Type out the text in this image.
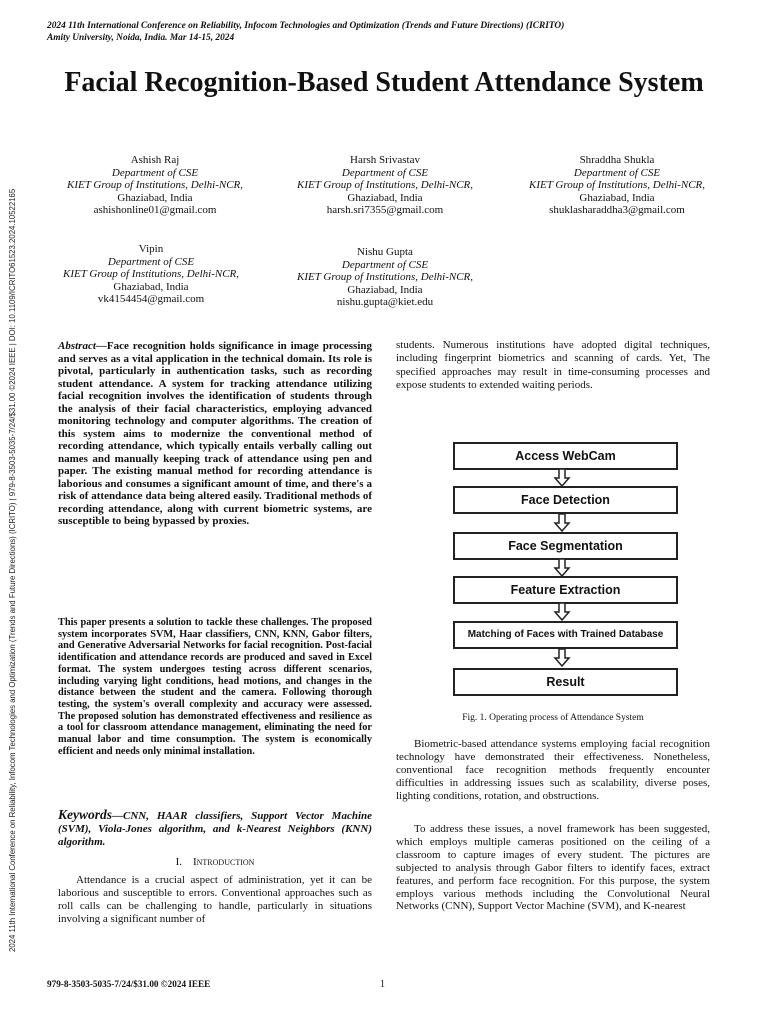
2024 11th International Conference on Reliability, Infocom Technologies and Optimization (Trends and Future Directions) (ICRITO)
Amity University, Noida, India. Mar 14-15, 2024
2024 11th International Conference on Reliability, Infocom Technologies and Optimization (Trends and Future Directions) (ICRITO) | 979-8-3503-5035-7/24/$31.00 ©2024 IEEE | DOI: 10.1109/ICRITO61523.2024.10522165
Facial Recognition-Based Student Attendance System
Ashish Raj
Department of CSE
KIET Group of Institutions, Delhi-NCR,
Ghaziabad, India
ashishonline01@gmail.com
Harsh Srivastav
Department of CSE
KIET Group of Institutions, Delhi-NCR,
Ghaziabad, India
harsh.sri7355@gmail.com
Shraddha Shukla
Department of CSE
KIET Group of Institutions, Delhi-NCR,
Ghaziabad, India
shuklasharaddha3@gmail.com
Vipin
Department of CSE
KIET Group of Institutions, Delhi-NCR,
Ghaziabad, India
vk4154454@gmail.com
Nishu Gupta
Department of CSE
KIET Group of Institutions, Delhi-NCR,
Ghaziabad, India
nishu.gupta@kiet.edu
Abstract—Face recognition holds significance in image processing and serves as a vital application in the technical domain. Its role is pivotal, particularly in authentication tasks, such as recording student attendance. A system for tracking attendance utilizing facial recognition involves the identification of students through the analysis of their facial characteristics, employing advanced monitoring technology and computer algorithms. The creation of this system aims to modernize the conventional method of recording attendance, which typically entails verbally calling out names and manually keeping track of attendance using pen and paper. The existing manual method for recording attendance is laborious and consumes a significant amount of time, and there's a risk of attendance data being altered easily. Traditional methods of recording attendance, along with current biometric systems, are susceptible to being bypassed by proxies.
This paper presents a solution to tackle these challenges. The proposed system incorporates SVM, Haar classifiers, CNN, KNN, Gabor filters, and Generative Adversarial Networks for facial recognition. Post-facial identification and attendance records are produced and saved in Excel format. The system undergoes testing across different scenarios, including varying light conditions, head motions, and changes in the distance between the student and the camera. Following thorough testing, the system's overall complexity and accuracy were assessed. The proposed solution has demonstrated effectiveness and resilience as a tool for classroom attendance management, eliminating the need for manual labor and time consumption. The system is economically efficient and needs only minimal installation.
Keywords—CNN, HAAR classifiers, Support Vector Machine (SVM), Viola-Jones algorithm, and k-Nearest Neighbors (KNN) algorithm.
I. Introduction
Attendance is a crucial aspect of administration, yet it can be laborious and susceptible to errors. Conventional approaches such as roll calls can be challenging to handle, particularly in situations involving a significant number of
students. Numerous institutions have adopted digital techniques, including fingerprint biometrics and scanning of cards. Yet, The specified approaches may result in time-consuming processes and expose students to extended waiting periods.
Access WebCam
Face Detection
Face Segmentation
Feature Extraction
Matching of Faces with Trained Database
Result
Fig. 1. Operating process of Attendance System
Biometric-based attendance systems employing facial recognition technology have demonstrated their effectiveness. Nonetheless, conventional face recognition methods frequently encounter difficulties in addressing issues such as scalability, diverse poses, lighting conditions, rotation, and obstructions.
To address these issues, a novel framework has been suggested, which employs multiple cameras positioned on the ceiling of a classroom to capture images of every student. The pictures are subjected to analysis through Gabor filters to identify faces, extract features, and perform face recognition. For this purpose, the system employs various methods including the Convolutional Neural Networks (CNN), Support Vector Machine (SVM), and K-nearest
979-8-3503-5035-7/24/$31.00 ©2024 IEEE	1
